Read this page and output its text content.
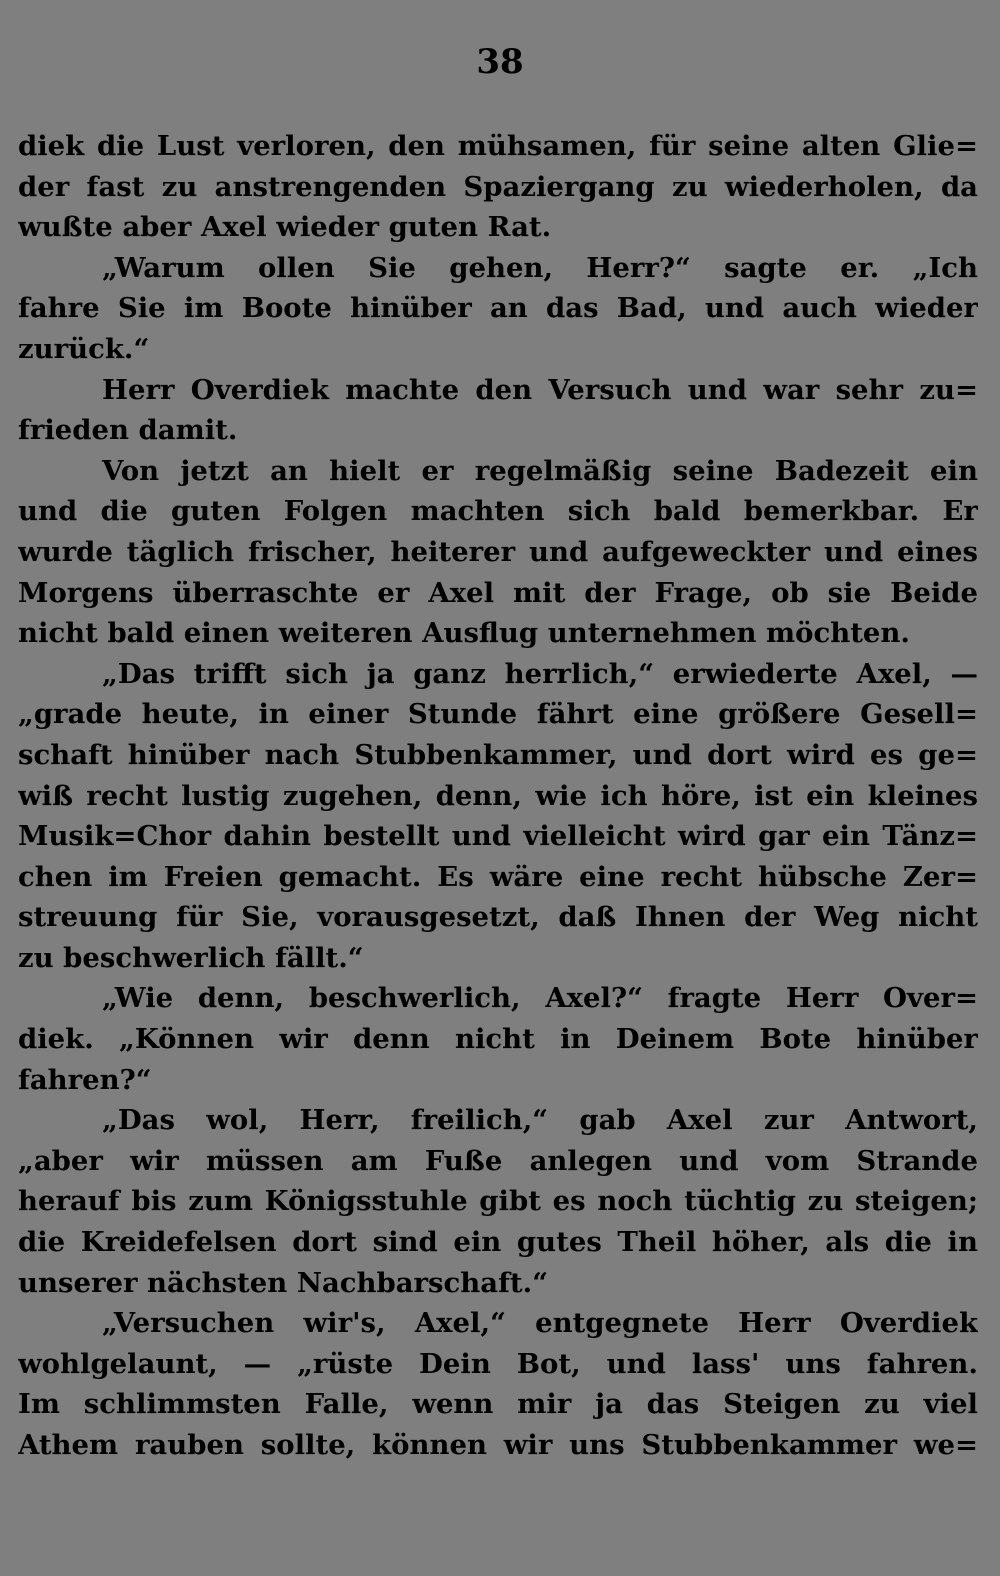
38
diek die Lust verloren, den mühsamen, für seine alten Glie=
der fast zu anstrengenden Spaziergang zu wiederholen, da
wußte aber Axel wieder guten Rat.
„Warum ollen Sie gehen, Herr?“ sagte er. „Ich
fahre Sie im Boote hinüber an das Bad, und auch wieder
zurück.“
Herr Overdiek machte den Versuch und war sehr zu=
frieden damit.
Von jetzt an hielt er regelmäßig seine Badezeit ein
und die guten Folgen machten sich bald bemerkbar. Er
wurde täglich frischer, heiterer und aufgeweckter und eines
Morgens überraschte er Axel mit der Frage, ob sie Beide
nicht bald einen weiteren Ausflug unternehmen möchten.
„Das trifft sich ja ganz herrlich,“ erwiederte Axel, —
„grade heute, in einer Stunde fährt eine größere Gesell=
schaft hinüber nach Stubbenkammer, und dort wird es ge=
wiß recht lustig zugehen, denn, wie ich höre, ist ein kleines
Musik=Chor dahin bestellt und vielleicht wird gar ein Tänz=
chen im Freien gemacht. Es wäre eine recht hübsche Zer=
streuung für Sie, vorausgesetzt, daß Ihnen der Weg nicht
zu beschwerlich fällt.“
„Wie denn, beschwerlich, Axel?“ fragte Herr Over=
diek. „Können wir denn nicht in Deinem Bote hinüber
fahren?“
„Das wol, Herr, freilich,“ gab Axel zur Antwort,
„aber wir müssen am Fuße anlegen und vom Strande
herauf bis zum Königsstuhle gibt es noch tüchtig zu steigen;
die Kreidefelsen dort sind ein gutes Theil höher, als die in
unserer nächsten Nachbarschaft.“
„Versuchen wir's, Axel,“ entgegnete Herr Overdiek
wohlgelaunt, — „rüste Dein Bot, und lass' uns fahren.
Im schlimmsten Falle, wenn mir ja das Steigen zu viel
Athem rauben sollte, können wir uns Stubbenkammer we=
